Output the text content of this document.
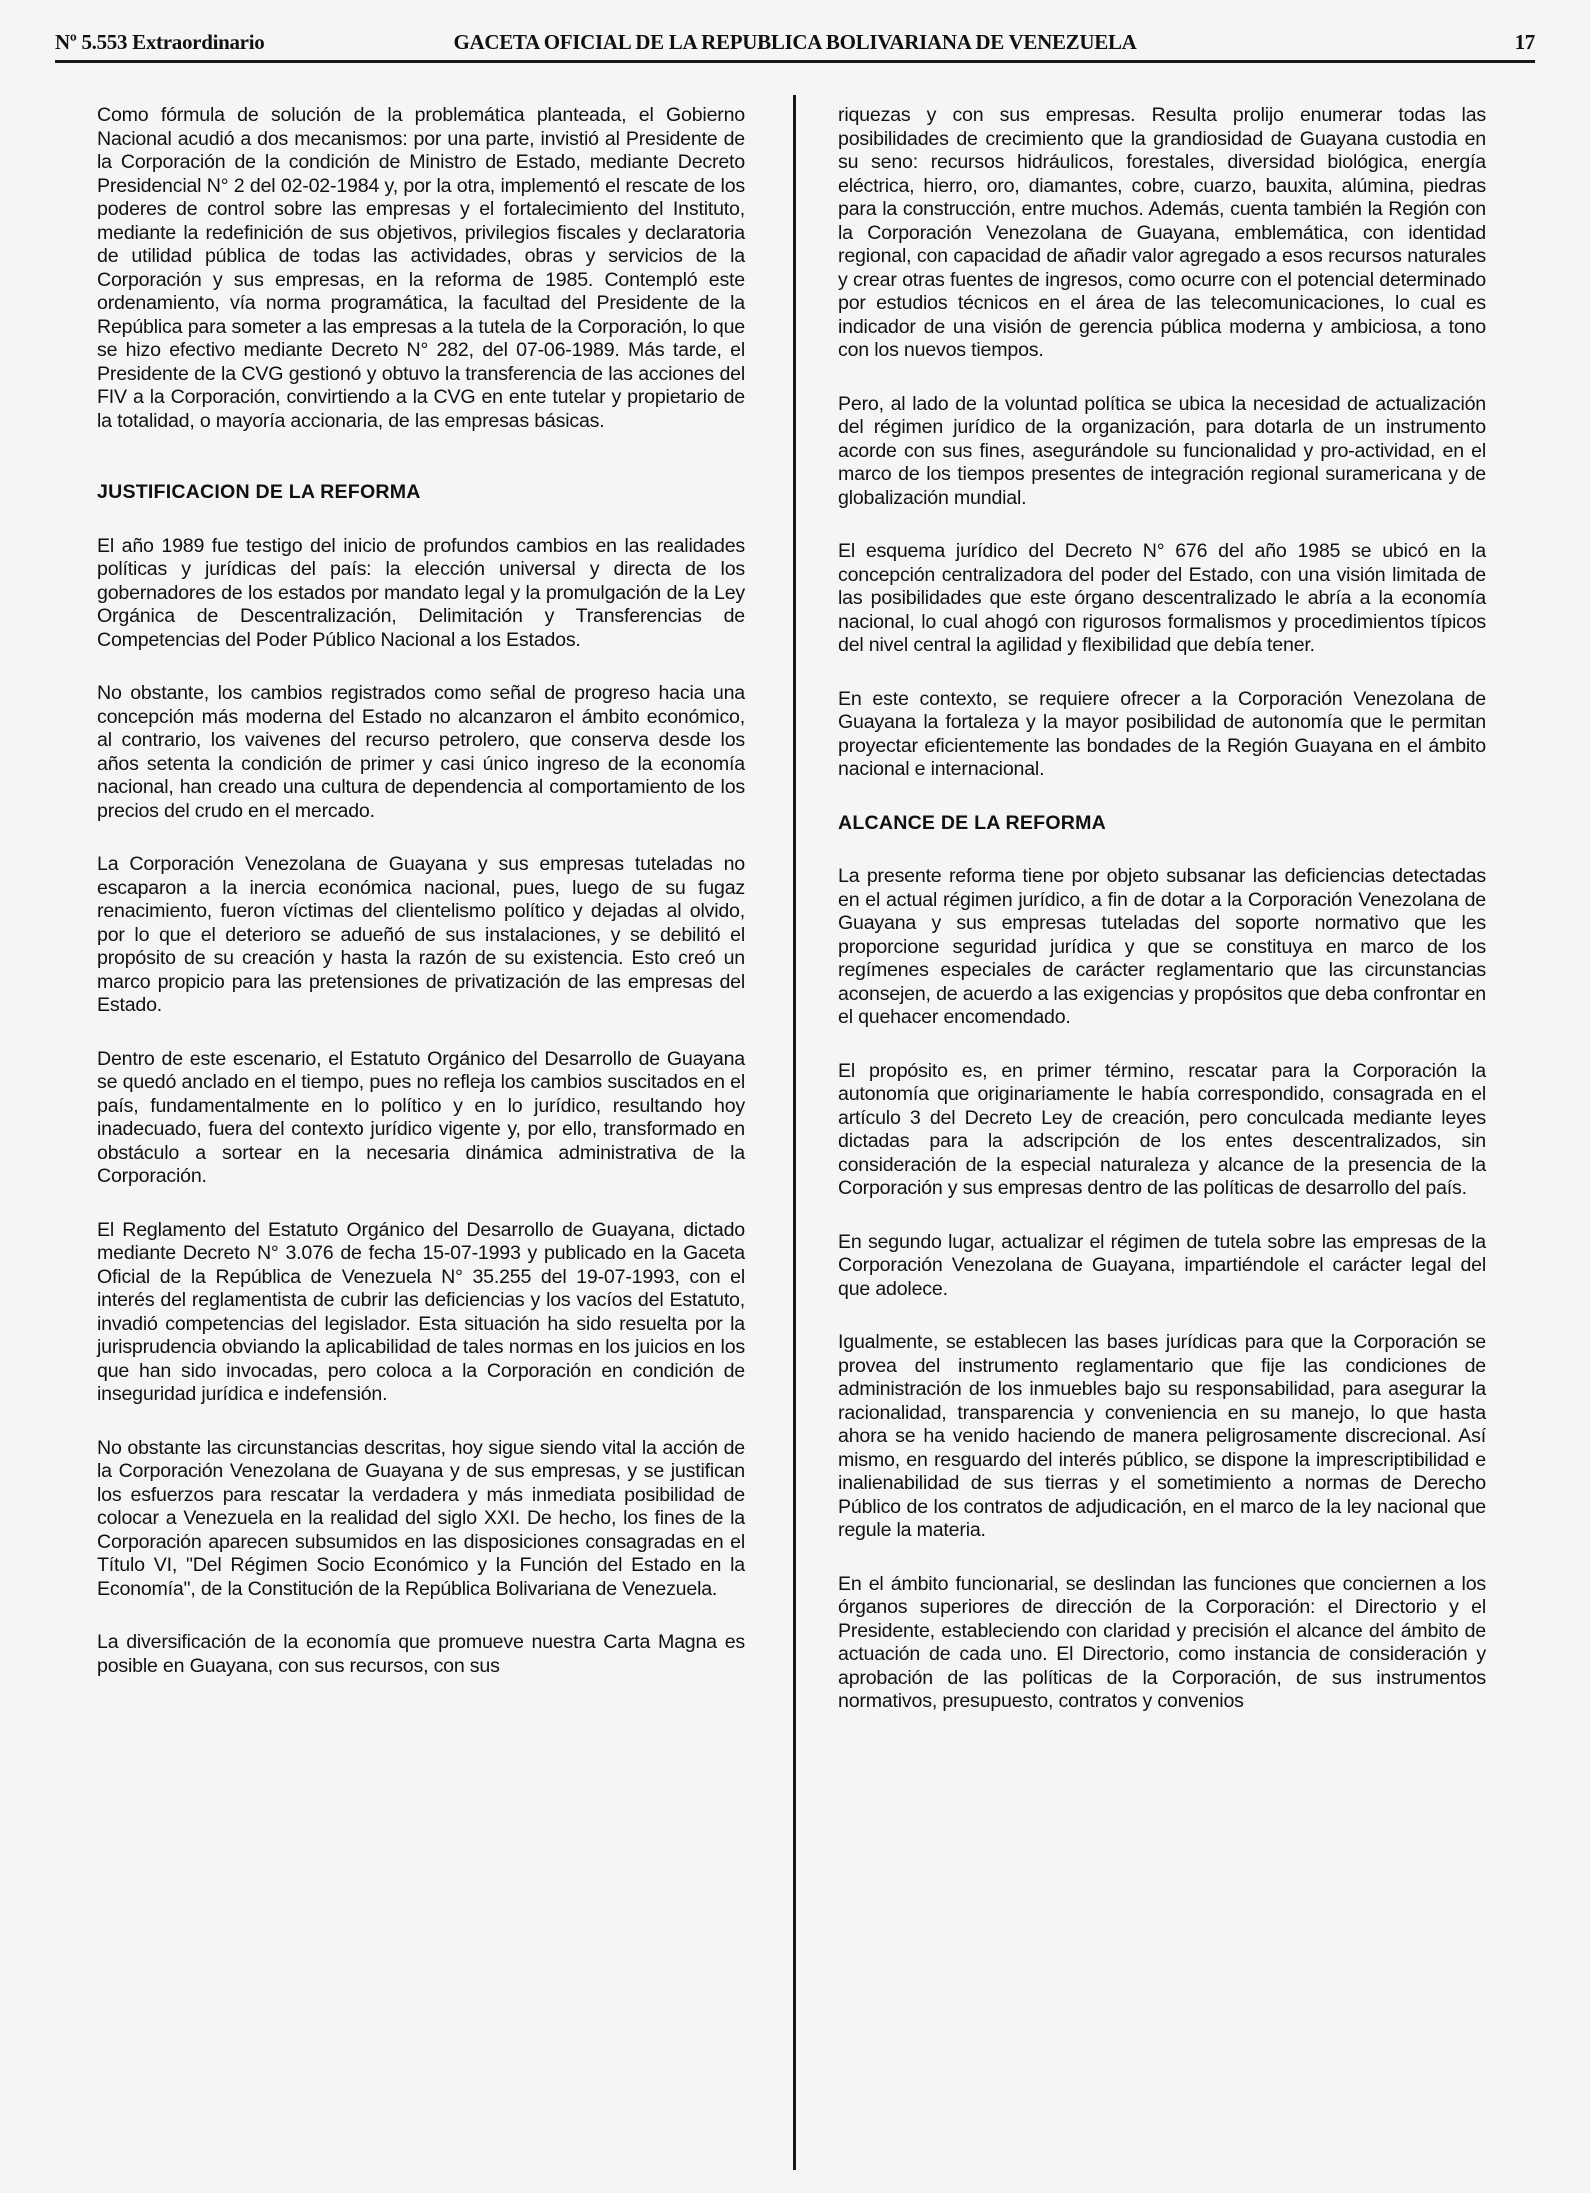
Nº 5.553 Extraordinario	GACETA OFICIAL DE LA REPUBLICA BOLIVARIANA DE VENEZUELA	17

Como fórmula de solución de la problemática planteada, el Gobierno Nacional acudió a dos mecanismos: por una parte, invistió al Presidente de la Corporación de la condición de Ministro de Estado, mediante Decreto Presidencial N° 2 del 02-02-1984 y, por la otra, implementó el rescate de los poderes de control sobre las empresas y el fortalecimiento del Instituto, mediante la redefinición de sus objetivos, privilegios fiscales y declaratoria de utilidad pública de todas las actividades, obras y servicios de la Corporación y sus empresas, en la reforma de 1985. Contempló este ordenamiento, vía norma programática, la facultad del Presidente de la República para someter a las empresas a la tutela de la Corporación, lo que se hizo efectivo mediante Decreto N° 282, del 07-06-1989. Más tarde, el Presidente de la CVG gestionó y obtuvo la transferencia de las acciones del FIV a la Corporación, convirtiendo a la CVG en ente tutelar y propietario de la totalidad, o mayoría accionaria, de las empresas básicas.

JUSTIFICACION DE LA REFORMA

El año 1989 fue testigo del inicio de profundos cambios en las realidades políticas y jurídicas del país: la elección universal y directa de los gobernadores de los estados por mandato legal y la promulgación de la Ley Orgánica de Descentralización, Delimitación y Transferencias de Competencias del Poder Público Nacional a los Estados.

No obstante, los cambios registrados como señal de progreso hacia una concepción más moderna del Estado no alcanzaron el ámbito económico, al contrario, los vaivenes del recurso petrolero, que conserva desde los años setenta la condición de primer y casi único ingreso de la economía nacional, han creado una cultura de dependencia al comportamiento de los precios del crudo en el mercado.

La Corporación Venezolana de Guayana y sus empresas tuteladas no escaparon a la inercia económica nacional, pues, luego de su fugaz renacimiento, fueron víctimas del clientelismo político y dejadas al olvido, por lo que el deterioro se adueñó de sus instalaciones, y se debilitó el propósito de su creación y hasta la razón de su existencia. Esto creó un marco propicio para las pretensiones de privatización de las empresas del Estado.

Dentro de este escenario, el Estatuto Orgánico del Desarrollo de Guayana se quedó anclado en el tiempo, pues no refleja los cambios suscitados en el país, fundamentalmente en lo político y en lo jurídico, resultando hoy inadecuado, fuera del contexto jurídico vigente y, por ello, transformado en obstáculo a sortear en la necesaria dinámica administrativa de la Corporación.

El Reglamento del Estatuto Orgánico del Desarrollo de Guayana, dictado mediante Decreto N° 3.076 de fecha 15-07-1993 y publicado en la Gaceta Oficial de la República de Venezuela N° 35.255 del 19-07-1993, con el interés del reglamentista de cubrir las deficiencias y los vacíos del Estatuto, invadió competencias del legislador. Esta situación ha sido resuelta por la jurisprudencia obviando la aplicabilidad de tales normas en los juicios en los que han sido invocadas, pero coloca a la Corporación en condición de inseguridad jurídica e indefensión.

No obstante las circunstancias descritas, hoy sigue siendo vital la acción de la Corporación Venezolana de Guayana y de sus empresas, y se justifican los esfuerzos para rescatar la verdadera y más inmediata posibilidad de colocar a Venezuela en la realidad del siglo XXI. De hecho, los fines de la Corporación aparecen subsumidos en las disposiciones consagradas en el Título VI, "Del Régimen Socio Económico y la Función del Estado en la Economía", de la Constitución de la República Bolivariana de Venezuela.

La diversificación de la economía que promueve nuestra Carta Magna es posible en Guayana, con sus recursos, con sus

riquezas y con sus empresas. Resulta prolijo enumerar todas las posibilidades de crecimiento que la grandiosidad de Guayana custodia en su seno: recursos hidráulicos, forestales, diversidad biológica, energía eléctrica, hierro, oro, diamantes, cobre, cuarzo, bauxita, alúmina, piedras para la construcción, entre muchos. Además, cuenta también la Región con la Corporación Venezolana de Guayana, emblemática, con identidad regional, con capacidad de añadir valor agregado a esos recursos naturales y crear otras fuentes de ingresos, como ocurre con el potencial determinado por estudios técnicos en el área de las telecomunicaciones, lo cual es indicador de una visión de gerencia pública moderna y ambiciosa, a tono con los nuevos tiempos.

Pero, al lado de la voluntad política se ubica la necesidad de actualización del régimen jurídico de la organización, para dotarla de un instrumento acorde con sus fines, asegurándole su funcionalidad y pro-actividad, en el marco de los tiempos presentes de integración regional suramericana y de globalización mundial.

El esquema jurídico del Decreto N° 676 del año 1985 se ubicó en la concepción centralizadora del poder del Estado, con una visión limitada de las posibilidades que este órgano descentralizado le abría a la economía nacional, lo cual ahogó con rigurosos formalismos y procedimientos típicos del nivel central la agilidad y flexibilidad que debía tener.

En este contexto, se requiere ofrecer a la Corporación Venezolana de Guayana la fortaleza y la mayor posibilidad de autonomía que le permitan proyectar eficientemente las bondades de la Región Guayana en el ámbito nacional e internacional.

ALCANCE DE LA REFORMA

La presente reforma tiene por objeto subsanar las deficiencias detectadas en el actual régimen jurídico, a fin de dotar a la Corporación Venezolana de Guayana y sus empresas tuteladas del soporte normativo que les proporcione seguridad jurídica y que se constituya en marco de los regímenes especiales de carácter reglamentario que las circunstancias aconsejen, de acuerdo a las exigencias y propósitos que deba confrontar en el quehacer encomendado.

El propósito es, en primer término, rescatar para la Corporación la autonomía que originariamente le había correspondido, consagrada en el artículo 3 del Decreto Ley de creación, pero conculcada mediante leyes dictadas para la adscripción de los entes descentralizados, sin consideración de la especial naturaleza y alcance de la presencia de la Corporación y sus empresas dentro de las políticas de desarrollo del país.

En segundo lugar, actualizar el régimen de tutela sobre las empresas de la Corporación Venezolana de Guayana, impartiéndole el carácter legal del que adolece.

Igualmente, se establecen las bases jurídicas para que la Corporación se provea del instrumento reglamentario que fije las condiciones de administración de los inmuebles bajo su responsabilidad, para asegurar la racionalidad, transparencia y conveniencia en su manejo, lo que hasta ahora se ha venido haciendo de manera peligrosamente discrecional. Así mismo, en resguardo del interés público, se dispone la imprescriptibilidad e inalienabilidad de sus tierras y el sometimiento a normas de Derecho Público de los contratos de adjudicación, en el marco de la ley nacional que regule la materia.

En el ámbito funcionarial, se deslindan las funciones que conciernen a los órganos superiores de dirección de la Corporación: el Directorio y el Presidente, estableciendo con claridad y precisión el alcance del ámbito de actuación de cada uno. El Directorio, como instancia de consideración y aprobación de las políticas de la Corporación, de sus instrumentos normativos, presupuesto, contratos y convenios
